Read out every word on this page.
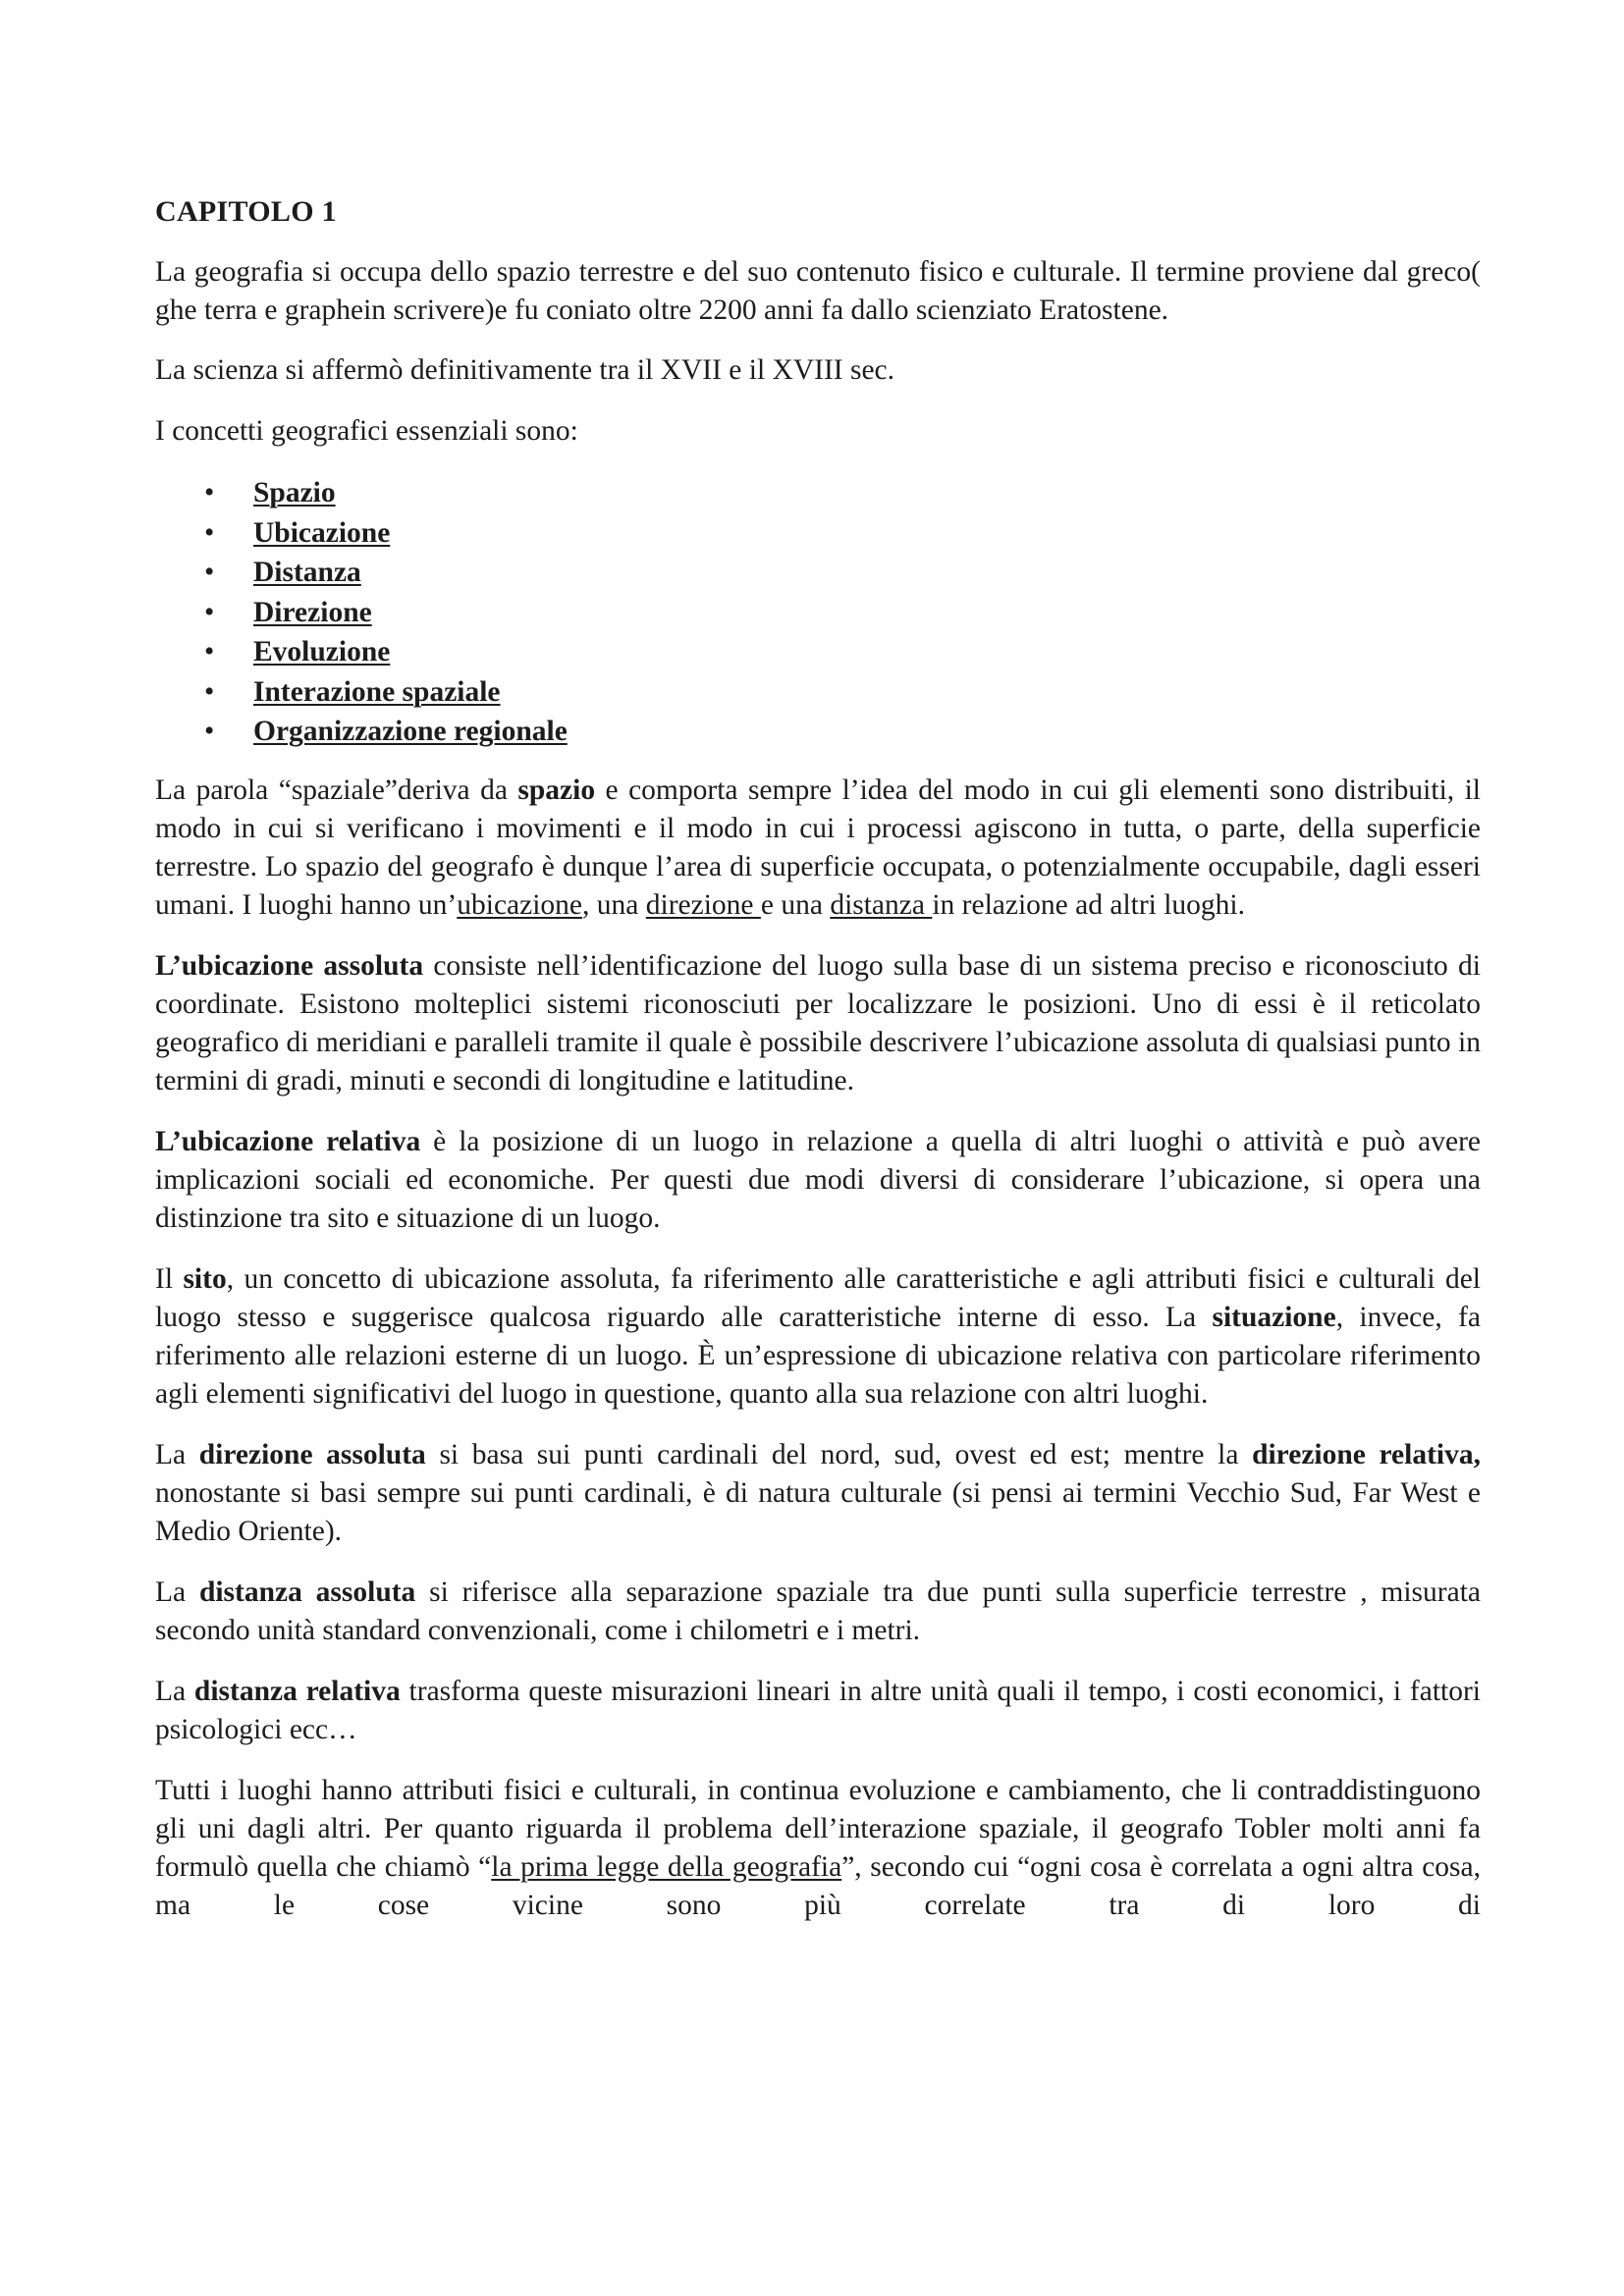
CAPITOLO 1

La geografia si occupa dello spazio terrestre e del suo contenuto fisico e culturale. Il termine proviene dal greco( ghe terra e graphein scrivere)e fu coniato oltre 2200 anni fa dallo scienziato Eratostene.

La scienza si affermò definitivamente tra il XVII e il XVIII sec.

I concetti geografici essenziali sono:

• Spazio
• Ubicazione
• Distanza
• Direzione
• Evoluzione
• Interazione spaziale
• Organizzazione regionale

La parola “spaziale”deriva da spazio e comporta sempre l’idea del modo in cui gli elementi sono distribuiti, il modo in cui si verificano i movimenti e il modo in cui i processi agiscono in tutta, o parte, della superficie terrestre. Lo spazio del geografo è dunque l’area di superficie occupata, o potenzialmente occupabile, dagli esseri umani. I luoghi hanno un’ubicazione, una direzione e una distanza in relazione ad altri luoghi.

L’ubicazione assoluta consiste nell’identificazione del luogo sulla base di un sistema preciso e riconosciuto di coordinate. Esistono molteplici sistemi riconosciuti per localizzare le posizioni. Uno di essi è il reticolato geografico di meridiani e paralleli tramite il quale è possibile descrivere l’ubicazione assoluta di qualsiasi punto in termini di gradi, minuti e secondi di longitudine e latitudine.

L’ubicazione relativa è la posizione di un luogo in relazione a quella di altri luoghi o attività e può avere implicazioni sociali ed economiche. Per questi due modi diversi di considerare l’ubicazione, si opera una distinzione tra sito e situazione di un luogo.

Il sito, un concetto di ubicazione assoluta, fa riferimento alle caratteristiche e agli attributi fisici e culturali del luogo stesso e suggerisce qualcosa riguardo alle caratteristiche interne di esso. La situazione, invece, fa riferimento alle relazioni esterne di un luogo. È un’espressione di ubicazione relativa con particolare riferimento agli elementi significativi del luogo in questione, quanto alla sua relazione con altri luoghi.

La direzione assoluta si basa sui punti cardinali del nord, sud, ovest ed est; mentre la direzione relativa, nonostante si basi sempre sui punti cardinali, è di natura culturale (si pensi ai termini Vecchio Sud, Far West e Medio Oriente).

La distanza assoluta si riferisce alla separazione spaziale tra due punti sulla superficie terrestre , misurata secondo unità standard convenzionali, come i chilometri e i metri.

La distanza relativa trasforma queste misurazioni lineari in altre unità quali il tempo, i costi economici, i fattori psicologici ecc…

Tutti i luoghi hanno attributi fisici e culturali, in continua evoluzione e cambiamento, che li contraddistinguono gli uni dagli altri. Per quanto riguarda il problema dell’interazione spaziale, il geografo Tobler molti anni fa formulò quella che chiamò “la prima legge della geografia”, secondo cui “ogni cosa è correlata a ogni altra cosa, ma le cose vicine sono più correlate tra di loro di
